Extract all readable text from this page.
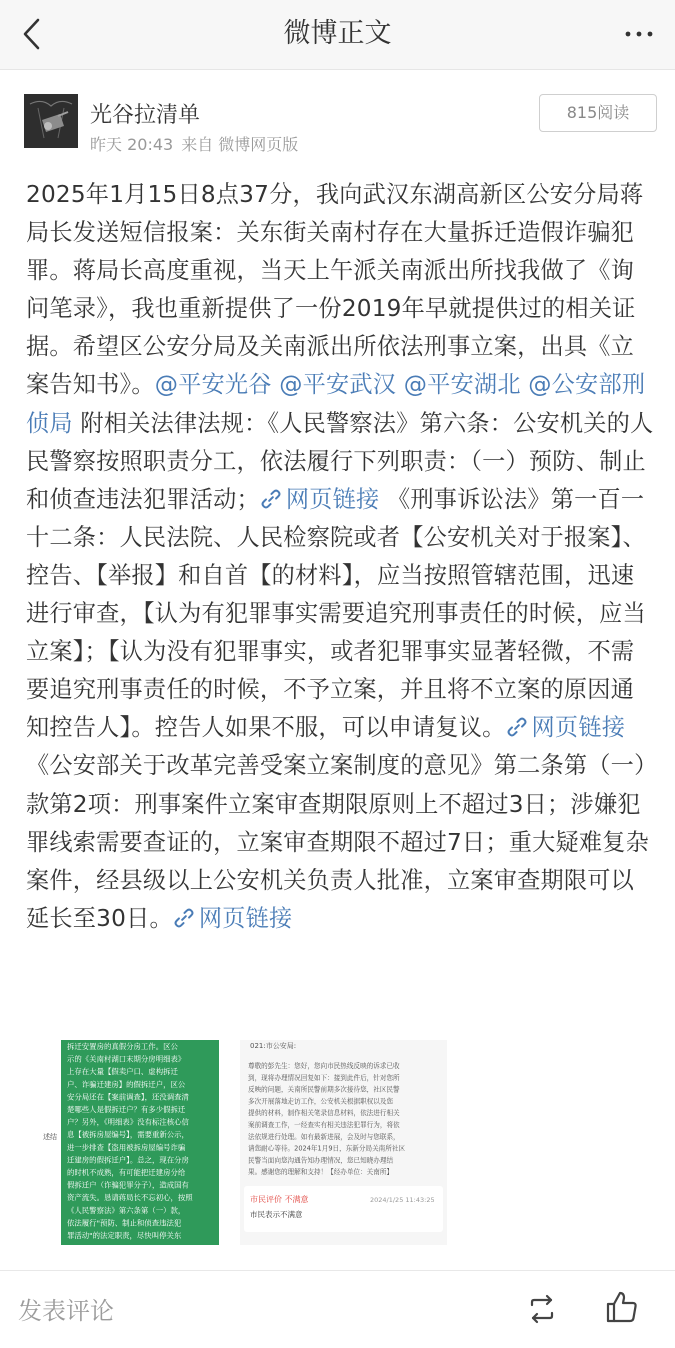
微博正文
光谷拉清单
昨天 20:43 来自 微博网页版
815阅读
2025年1月15日8点37分，我向武汉东湖高新区公安分局蒋局长发送短信报案：关东街关南村存在大量拆迁造假诈骗犯罪。蒋局长高度重视，当天上午派关南派出所找我做了《询问笔录》，我也重新提供了一份2019年早就提供过的相关证据。希望区公安分局及关南派出所依法刑事立案，出具《立案告知书》。@平安光谷 @平安武汉 @平安湖北 @公安部刑侦局 附相关法律法规：《人民警察法》第六条：公安机关的人民警察按照职责分工，依法履行下列职责：（一）预防、制止和侦查违法犯罪活动； 网页链接 《刑事诉讼法》第一百一十二条：人民法院、人民检察院或者【公安机关对于报案】、控告、【举报】和自首【的材料】，应当按照管辖范围，迅速进行审查，【认为有犯罪事实需要追究刑事责任的时候，应当立案】；【认为没有犯罪事实，或者犯罪事实显著轻微，不需要追究刑事责任的时候，不予立案，并且将不立案的原因通知控告人】。控告人如果不服，可以申请复议。 网页链接 《公安部关于改革完善受案立案制度的意见》第二条第（一）款第2项：刑事案件立案审查期限原则上不超过3日；涉嫌犯罪线索需要查证的，立案审查期限不超过7日；重大疑难复杂案件，经县级以上公安机关负责人批准，立案审查期限可以延长至30日。 网页链接
述结
拆迁安置房的真假分房工作。区公
示的《关南村湖口末期分房明细表》
上存在大量【假卖户口、虚构拆迁
户、诈骗迁建房】的假拆迁户，区公
安分局还在【案前调查】，还没调查清
楚哪些人是假拆迁户？有多少假拆迁
户？另外，《明细表》没有标注核心信
息【被拆房屋编号】，需要重新公示，
进一步排查【盗用被拆房屋编号诈骗
迁建房的假拆迁户】。总之，现在分房
的时机不成熟，有可能把迁建房分给
假拆迁户（诈骗犯罪分子），造成国有
资产流失。恳请蒋局长不忘初心，按照
《人民警察法》第六条第（一）款，
依法履行"预防、制止和侦查违法犯
罪活动"的法定职责，尽快叫停关东
021:市公安局:
市民评价 不满意	2024/1/25 11:43:25
市民表示不满意
尊敬的彭先生：您好，您向市民热线反映的诉求已收
到，现将办理情况回复如下：接到此件后，针对您所
反映的问题，关南所民警前期多次接待您，社区民警
多次开展落地走访工作，公安机关根据职权以及您
提供的材料，制作相关笔录信息材料，依法进行相关
案前调查工作，一经查实有相关违法犯罪行为，将依
法依规进行处理。如有最新进展，会及时与您联系，
请您耐心等待。2024年1月9日，东新分局关南所社区
民警当面向您沟通告知办理情况，您已知晓办理结
果。感谢您的理解和支持！【经办单位：关南所】
发表评论
